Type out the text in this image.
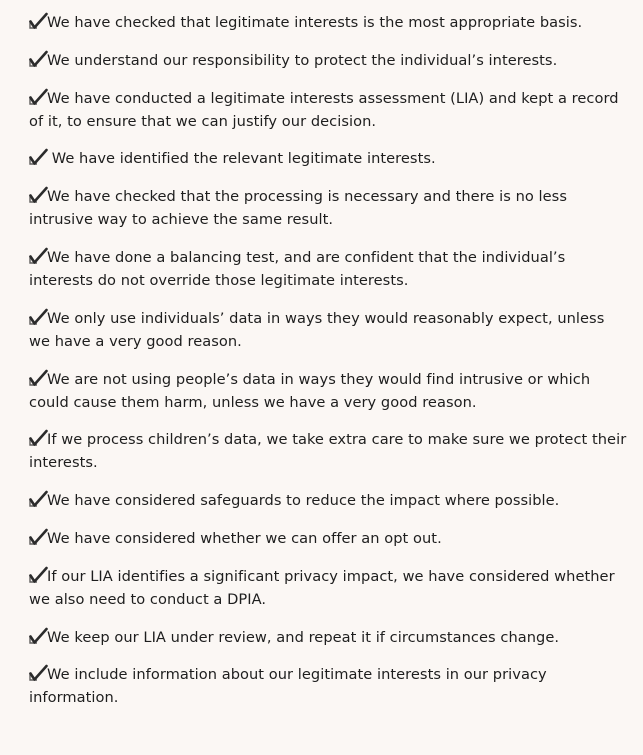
We have checked that legitimate interests is the most appropriate basis.
We understand our responsibility to protect the individual’s interests.
We have conducted a legitimate interests assessment (LIA) and kept a record of it, to ensure that we can justify our decision.
We have identified the relevant legitimate interests.
We have checked that the processing is necessary and there is no less intrusive way to achieve the same result.
We have done a balancing test, and are confident that the individual’s interests do not override those legitimate interests.
We only use individuals’ data in ways they would reasonably expect, unless we have a very good reason.
We are not using people’s data in ways they would find intrusive or which could cause them harm, unless we have a very good reason.
If we process children’s data, we take extra care to make sure we protect their interests.
We have considered safeguards to reduce the impact where possible.
We have considered whether we can offer an opt out.
If our LIA identifies a significant privacy impact, we have considered whether we also need to conduct a DPIA.
We keep our LIA under review, and repeat it if circumstances change.
We include information about our legitimate interests in our privacy information.
